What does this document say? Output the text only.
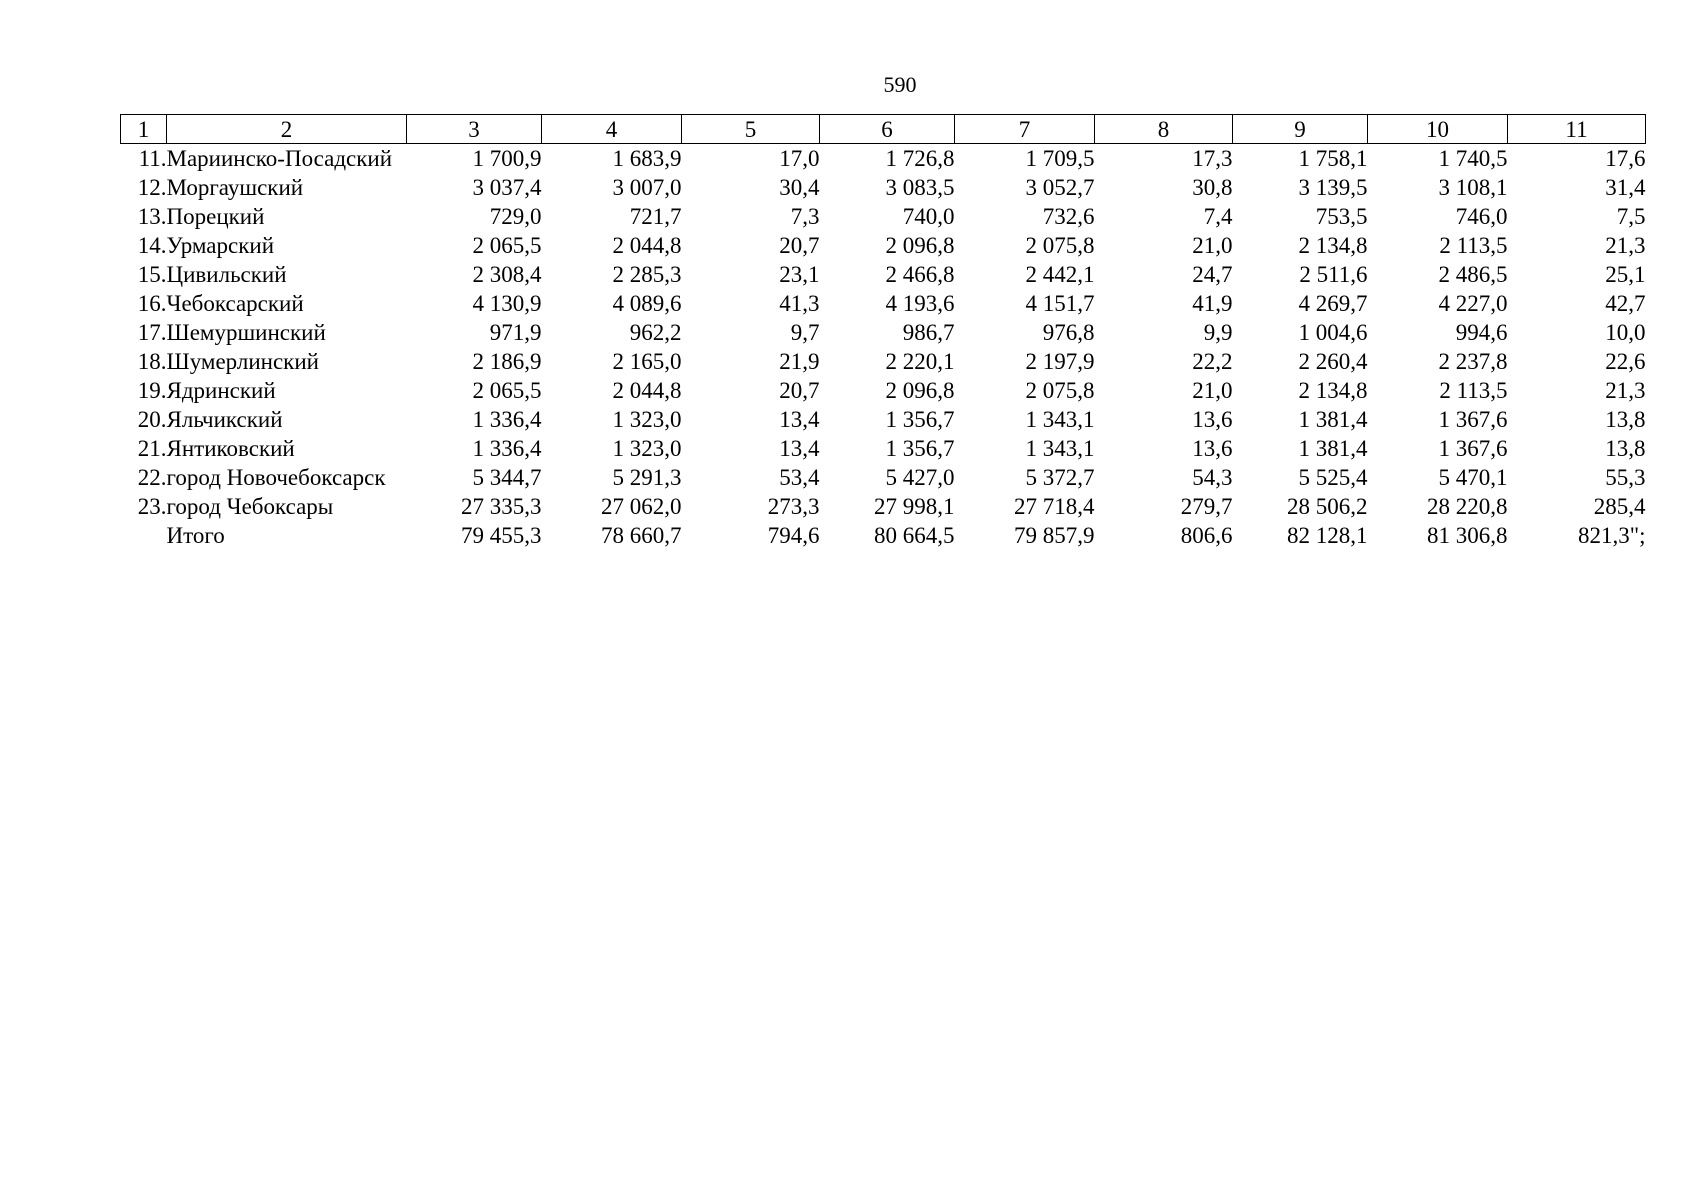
590
1	2	3	4	5	6	7	8	9	10	11
11.	Мариинско-Посадский	1 700,9	1 683,9	17,0	1 726,8	1 709,5	17,3	1 758,1	1 740,5	17,6
12.	Моргаушский	3 037,4	3 007,0	30,4	3 083,5	3 052,7	30,8	3 139,5	3 108,1	31,4
13.	Порецкий	729,0	721,7	7,3	740,0	732,6	7,4	753,5	746,0	7,5
14.	Урмарский	2 065,5	2 044,8	20,7	2 096,8	2 075,8	21,0	2 134,8	2 113,5	21,3
15.	Цивильский	2 308,4	2 285,3	23,1	2 466,8	2 442,1	24,7	2 511,6	2 486,5	25,1
16.	Чебоксарский	4 130,9	4 089,6	41,3	4 193,6	4 151,7	41,9	4 269,7	4 227,0	42,7
17.	Шемуршинский	971,9	962,2	9,7	986,7	976,8	9,9	1 004,6	994,6	10,0
18.	Шумерлинский	2 186,9	2 165,0	21,9	2 220,1	2 197,9	22,2	2 260,4	2 237,8	22,6
19.	Ядринский	2 065,5	2 044,8	20,7	2 096,8	2 075,8	21,0	2 134,8	2 113,5	21,3
20.	Яльчикский	1 336,4	1 323,0	13,4	1 356,7	1 343,1	13,6	1 381,4	1 367,6	13,8
21.	Янтиковский	1 336,4	1 323,0	13,4	1 356,7	1 343,1	13,6	1 381,4	1 367,6	13,8
22.	город Новочебоксарск	5 344,7	5 291,3	53,4	5 427,0	5 372,7	54,3	5 525,4	5 470,1	55,3
23.	город Чебоксары	27 335,3	27 062,0	273,3	27 998,1	27 718,4	279,7	28 506,2	28 220,8	285,4
	Итого	79 455,3	78 660,7	794,6	80 664,5	79 857,9	806,6	82 128,1	81 306,8	821,3";
